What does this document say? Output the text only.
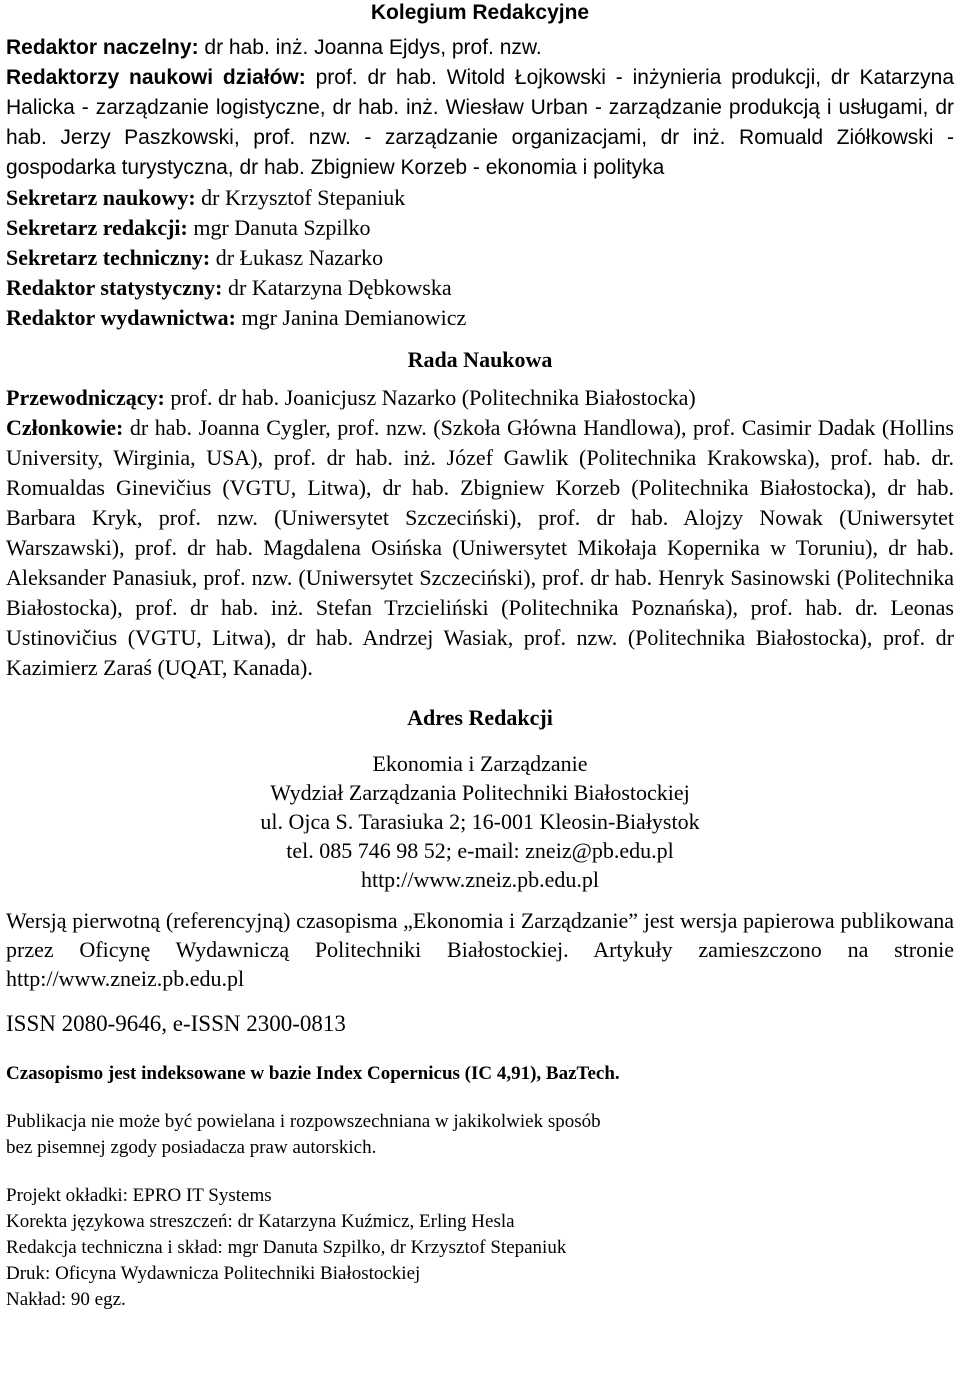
Kolegium Redakcyjne

Redaktor naczelny: dr hab. inż. Joanna Ejdys, prof. nzw.

Redaktorzy naukowi działów: prof. dr hab. Witold Łojkowski - inżynieria produkcji, dr Katarzyna Halicka - zarządzanie logistyczne, dr hab. inż. Wiesław Urban - zarządzanie produkcją i usługami, dr hab. Jerzy Paszkowski, prof. nzw. - zarządzanie organizacjami, dr inż. Romuald Ziółkowski - gospodarka turystyczna, dr hab. Zbigniew Korzeb - ekonomia i polityka

Sekretarz naukowy: dr Krzysztof Stepaniuk

Sekretarz redakcji: mgr Danuta Szpilko

Sekretarz techniczny: dr Łukasz Nazarko

Redaktor statystyczny: dr Katarzyna Dębkowska

Redaktor wydawnictwa: mgr Janina Demianowicz

Rada Naukowa

Przewodniczący: prof. dr hab. Joanicjusz Nazarko (Politechnika Białostocka)

Członkowie: dr hab. Joanna Cygler, prof. nzw. (Szkoła Główna Handlowa), prof. Casimir Dadak (Hollins University, Wirginia, USA), prof. dr hab. inż. Józef Gawlik (Politechnika Krakowska), prof. hab. dr. Romualdas Ginevičius (VGTU, Litwa), dr hab. Zbigniew Korzeb (Politechnika Białostocka), dr hab. Barbara Kryk, prof. nzw. (Uniwersytet Szczeciński), prof. dr hab. Alojzy Nowak (Uniwersytet Warszawski), prof. dr hab. Magdalena Osińska (Uniwersytet Mikołaja Kopernika w Toruniu), dr hab. Aleksander Panasiuk, prof. nzw. (Uniwersytet Szczeciński), prof. dr hab. Henryk Sasinowski (Politechnika Białostocka), prof. dr hab. inż. Stefan Trzcieliński (Politechnika Poznańska), prof. hab. dr. Leonas Ustinovičius (VGTU, Litwa), dr hab. Andrzej Wasiak, prof. nzw. (Politechnika Białostocka), prof. dr Kazimierz Zaraś (UQAT, Kanada).

Adres Redakcji

Ekonomia i Zarządzanie

Wydział Zarządzania Politechniki Białostockiej

ul. Ojca S. Tarasiuka 2; 16-001 Kleosin-Białystok

tel. 085 746 98 52; e-mail: zneiz@pb.edu.pl

http://www.zneiz.pb.edu.pl

Wersją pierwotną (referencyjną) czasopisma „Ekonomia i Zarządzanie” jest wersja papierowa publikowana przez Oficynę Wydawniczą Politechniki Białostockiej. Artykuły zamieszczono na stronie http://www.zneiz.pb.edu.pl

ISSN 2080-9646, e-ISSN 2300-0813

Czasopismo jest indeksowane w bazie Index Copernicus (IC 4,91), BazTech.

Publikacja nie może być powielana i rozpowszechniana w jakikolwiek sposób

bez pisemnej zgody posiadacza praw autorskich.

Projekt okładki: EPRO IT Systems

Korekta językowa streszczeń: dr Katarzyna Kuźmicz, Erling Hesla

Redakcja techniczna i skład: mgr Danuta Szpilko, dr Krzysztof Stepaniuk

Druk: Oficyna Wydawnicza Politechniki Białostockiej

Nakład: 90 egz.
